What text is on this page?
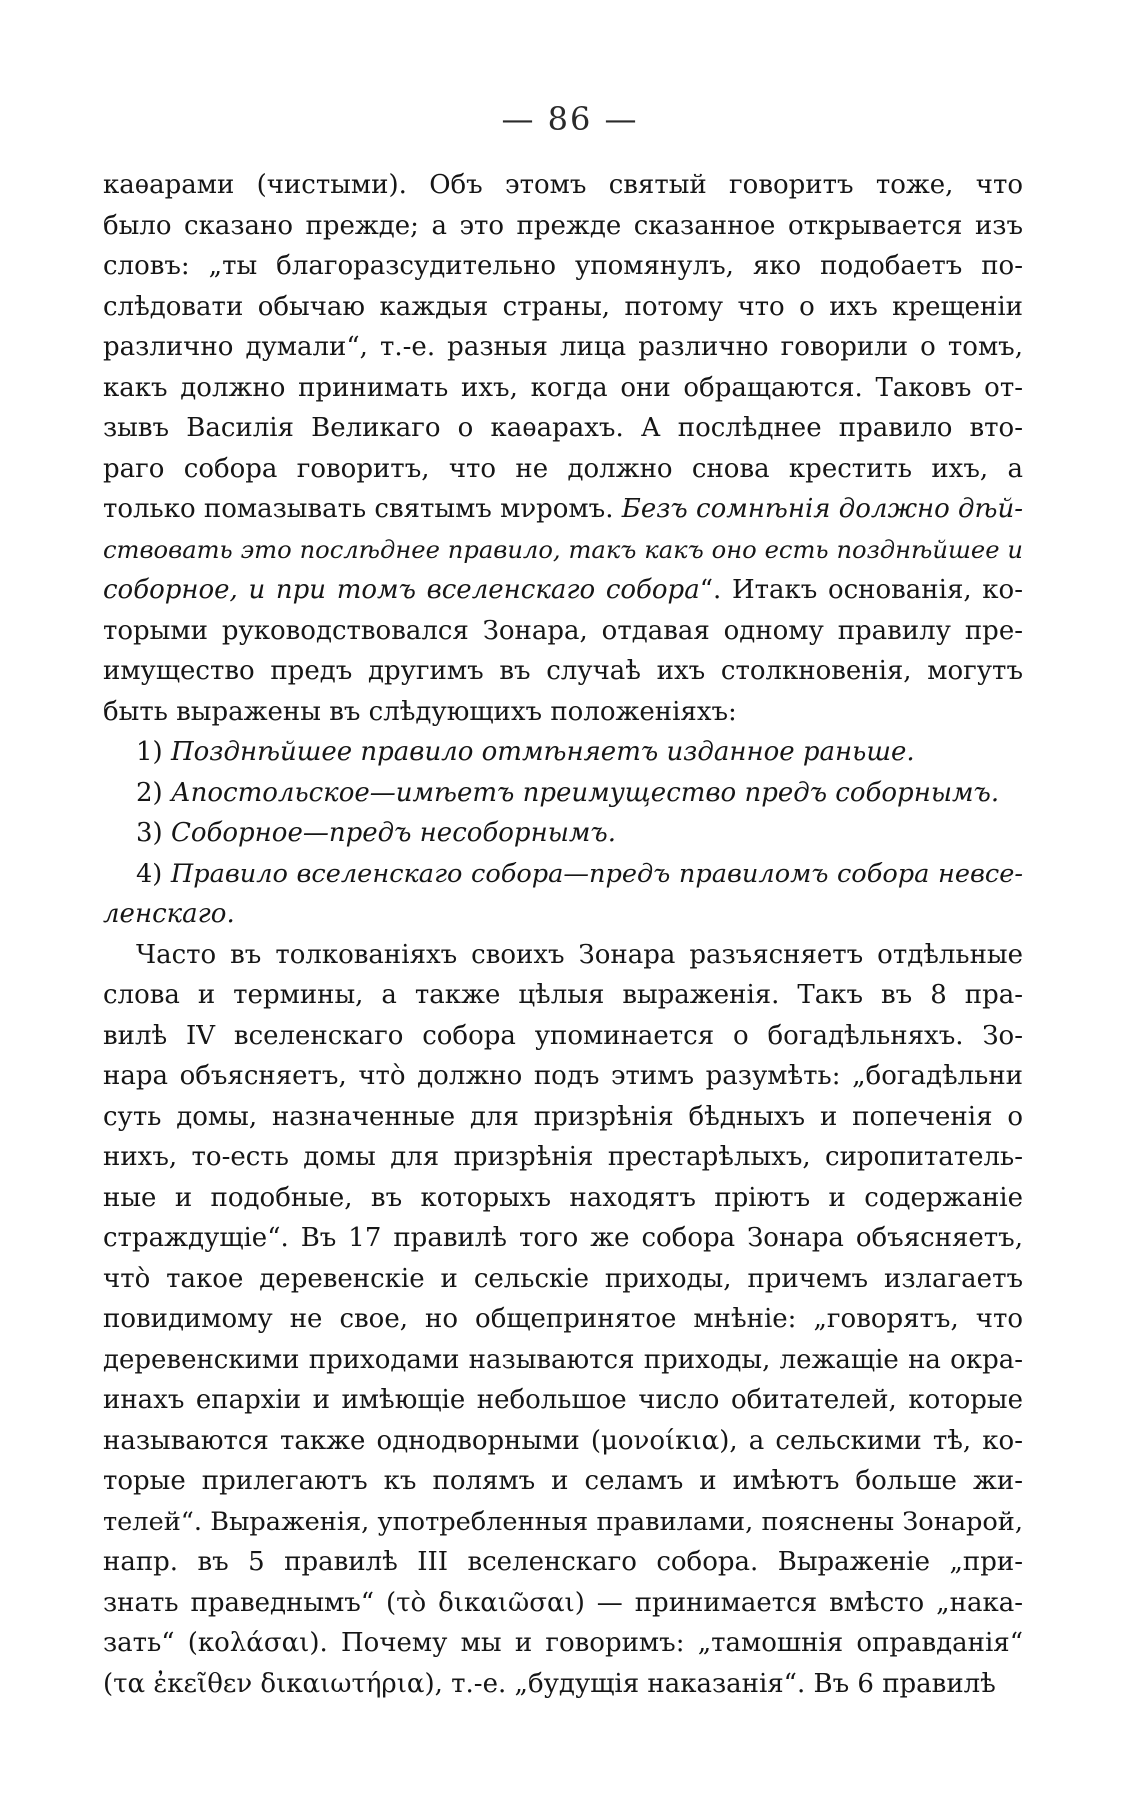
— 86 —
каѳарами (чистыми). Объ этомъ святый говоритъ тоже, что
было сказано прежде; а это прежде сказанное открывается изъ
словъ: „ты благоразсудительно упомянулъ, яко подобаетъ по-
слѣдовати обычаю каждыя страны, потому что о ихъ крещеніи
различно думали“, т.-е. разныя лица различно говорили о томъ,
какъ должно принимать ихъ, когда они обращаются. Таковъ от-
зывъ Василія Великаго о каѳарахъ. А послѣднее правило вто-
раго собора говоритъ, что не должно снова крестить ихъ, а
только помазывать святымъ мνромъ. Безъ сомнѣнія должно дѣй-
ствовать это послѣднее правило, такъ какъ оно есть позднѣйшее и
соборное, и при томъ вселенскаго собора“. Итакъ основанія, ко-
торыми руководствовался Зонара, отдавая одному правилу пре-
имущество предъ другимъ въ случаѣ ихъ столкновенія, могутъ
быть выражены въ слѣдующихъ положеніяхъ:
1) Позднѣйшее правило отмѣняетъ изданное раньше.
2) Апостольское—имѣетъ преимущество предъ соборнымъ.
3) Соборное—предъ несоборнымъ.
4) Правило вселенскаго собора—предъ правиломъ собора невсе-
ленскаго.
Часто въ толкованіяхъ своихъ Зонара разъясняетъ отдѣльные
слова и термины, а также цѣлыя выраженія. Такъ въ 8 пра-
вилѣ IV вселенскаго собора упоминается о богадѣльняхъ. Зо-
нара объясняетъ, что̀ должно подъ этимъ разумѣть: „богадѣльни
суть домы, назначенные для призрѣнія бѣдныхъ и попеченія о
нихъ, то-есть домы для призрѣнія престарѣлыхъ, сиропитатель-
ные и подобные, въ которыхъ находятъ пріютъ и содержаніе
страждущіе“. Въ 17 правилѣ того же собора Зонара объясняетъ,
что̀ такое деревенскіе и сельскіе приходы, причемъ излагаетъ
повидимому не свое, но общепринятое мнѣніе: „говорятъ, что
деревенскими приходами называются приходы, лежащіе на окра-
инахъ епархіи и имѣющіе небольшое число обитателей, которые
называются также однодворными (μονοίκια), а сельскими тѣ, ко-
торые прилегаютъ къ полямъ и селамъ и имѣютъ больше жи-
телей“. Выраженія, употребленныя правилами, пояснены Зонарой,
напр. въ 5 правилѣ III вселенскаго собора. Выраженіе „при-
знать праведнымъ“ (τὸ δικαιῶσαι) — принимается вмѣсто „нака-
зать“ (κολάσαι). Почему мы и говоримъ: „тамошнія оправданія“
(τα ἐκεῖθεν δικαιωτήρια), т.-е. „будущія наказанія“. Въ 6 правилѣ
